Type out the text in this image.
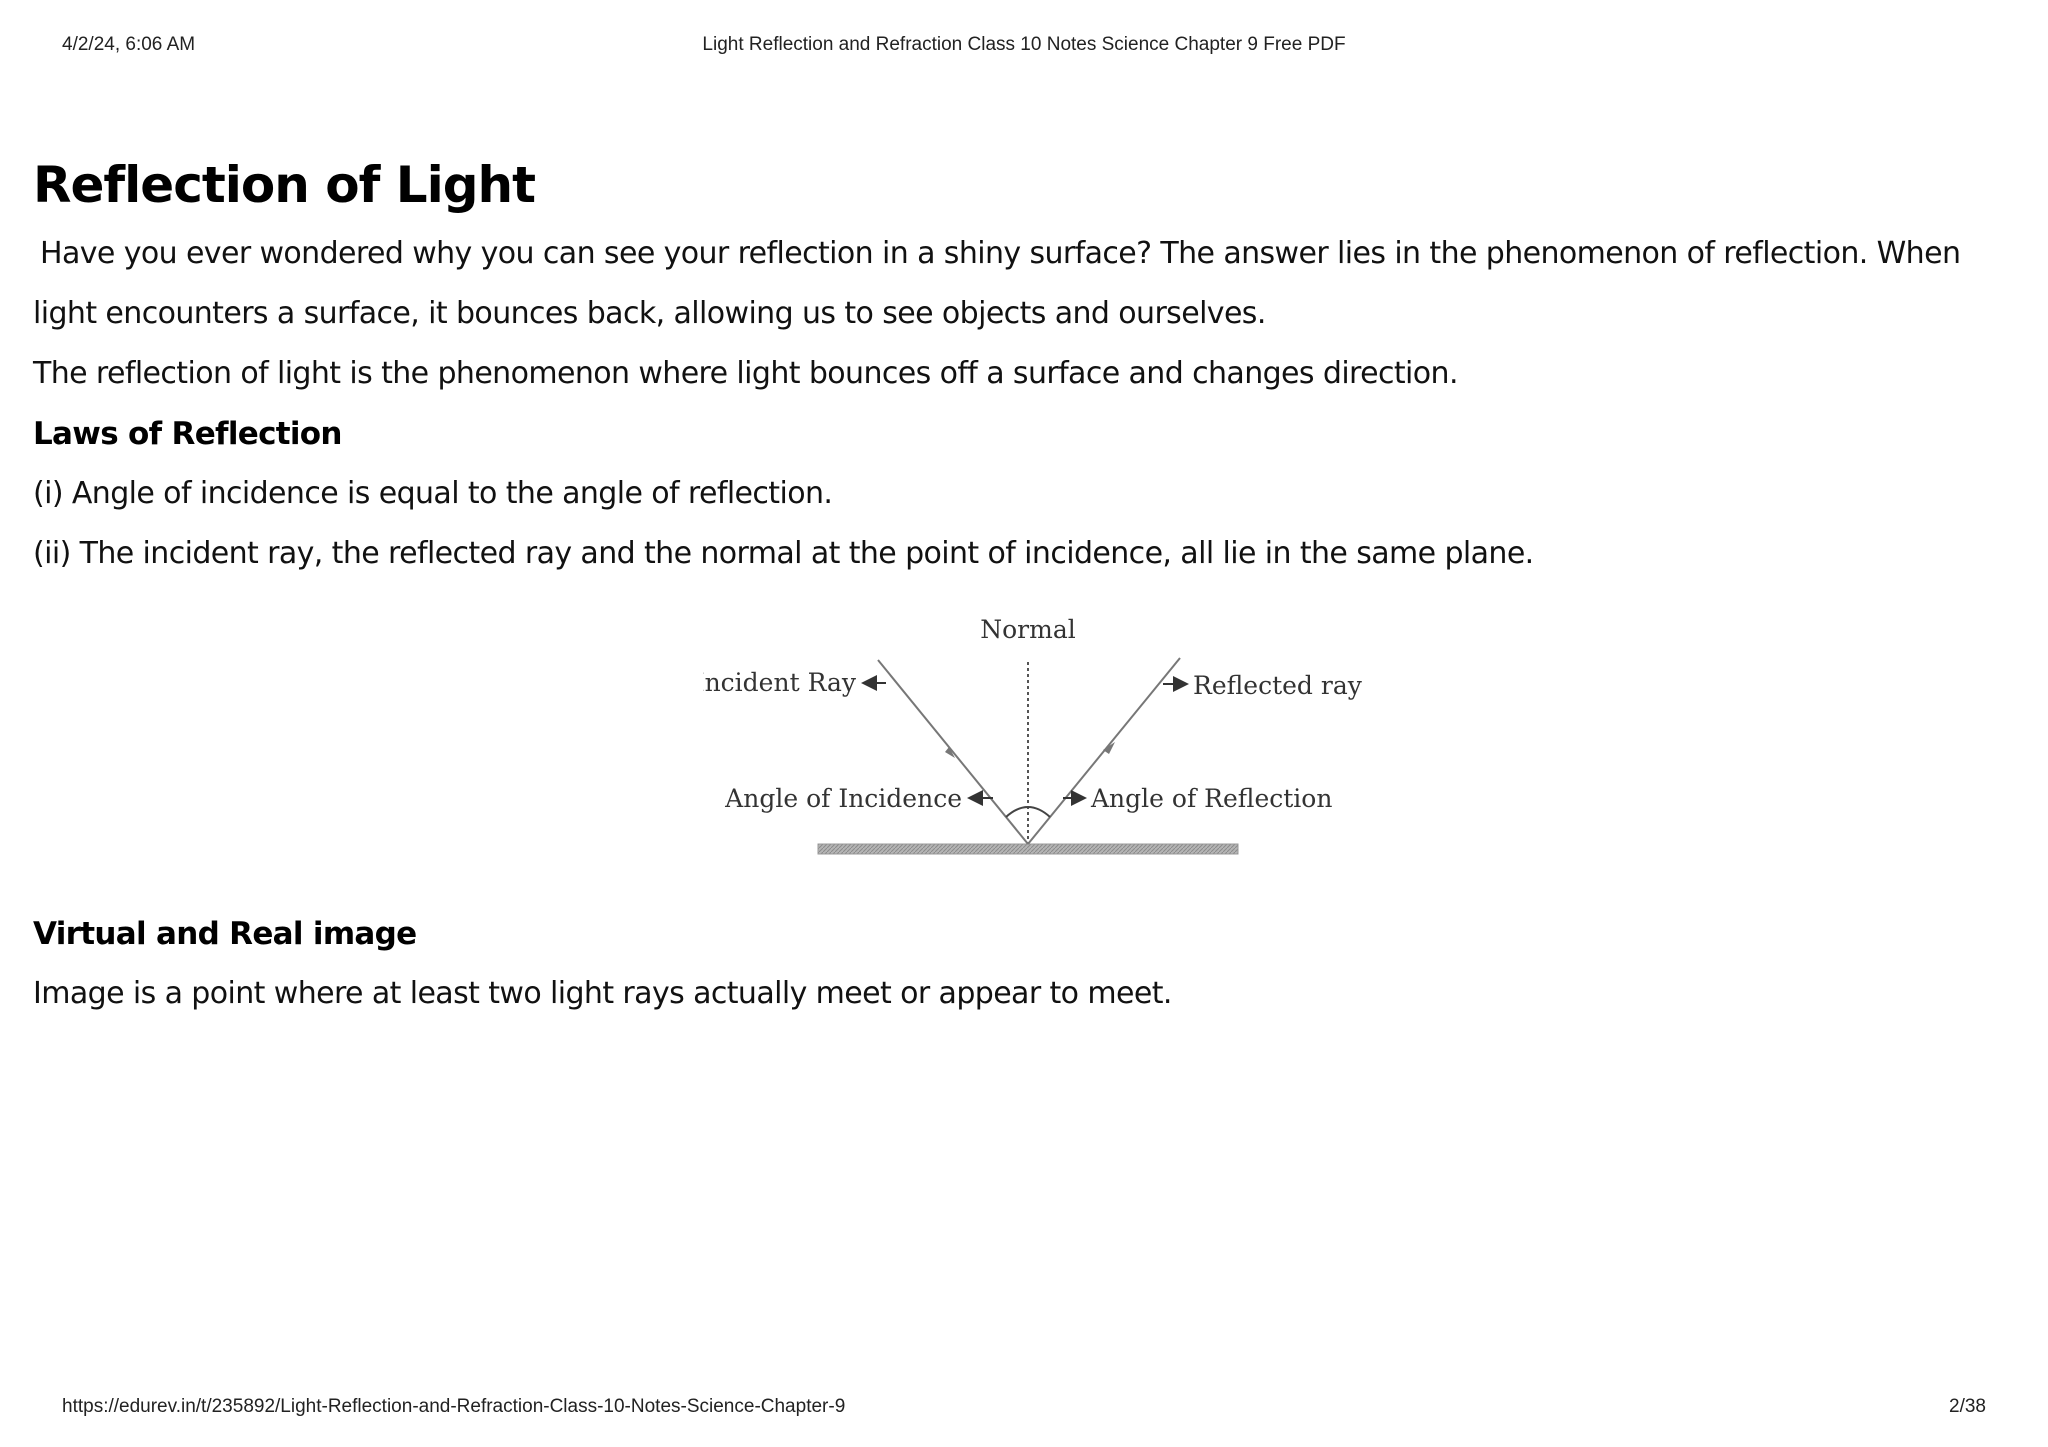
4/2/24, 6:06 AM	Light Reflection and Refraction Class 10 Notes Science Chapter 9 Free PDF
Reflection of Light

Have you ever wondered why you can see your reflection in a shiny surface? The answer lies in the phenomenon of reflection. When light encounters a surface, it bounces back, allowing us to see objects and ourselves.

The reflection of light is the phenomenon where light bounces off a surface and changes direction.

Laws of Reflection

(i) Angle of incidence is equal to the angle of reflection.

(ii) The incident ray, the reflected ray and the normal at the point of incidence, all lie in the same plane.

Normal
Incident Ray	Reflected ray
Angle of Incidence	Angle of Reflection
Virtual and Real image

Image is a point where at least two light rays actually meet or appear to meet.

https://edurev.in/t/235892/Light-Reflection-and-Refraction-Class-10-Notes-Science-Chapter-9	2/38
